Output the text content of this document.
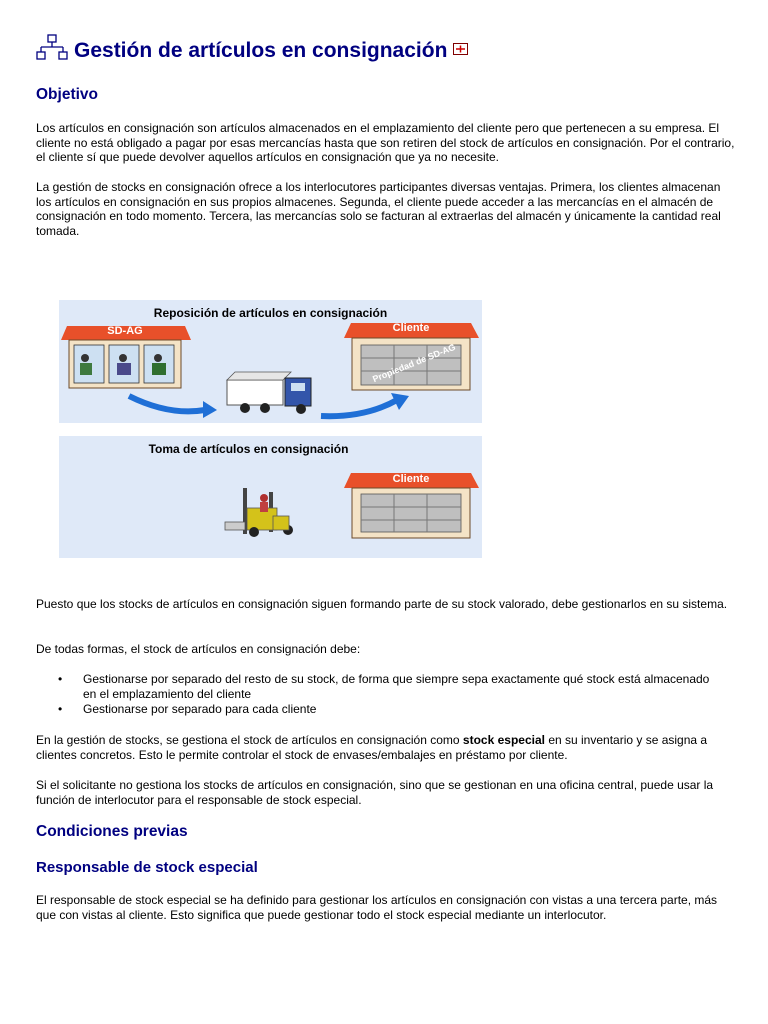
Gestión de artículos en consignación
Objetivo

Los artículos en consignación son artículos almacenados en el emplazamiento del cliente pero que pertenecen a su empresa. El cliente no está obligado a pagar por esas mercancías hasta que son retiren del stock de artículos en consignación. Por el contrario, el cliente sí que puede devolver aquellos artículos en consignación que ya no necesite.

La gestión de stocks en consignación ofrece a los interlocutores participantes diversas ventajas. Primera, los clientes almacenan los artículos en consignación en sus propios almacenes. Segunda, el cliente puede acceder a las mercancías en el almacén de consignación en todo momento. Tercera, las mercancías solo se facturan al extraerlas del almacén y únicamente la cantidad real tomada.

Reposición de artículos en consignación
SD-AG	Cliente
Propiedad de SD-AG
Toma de artículos en consignación
Cliente

Puesto que los stocks de artículos en consignación siguen formando parte de su stock valorado, debe gestionarlos en su sistema.

De todas formas, el stock de artículos en consignación debe:

• Gestionarse por separado del resto de su stock, de forma que siempre sepa exactamente qué stock está almacenado en el emplazamiento del cliente
• Gestionarse por separado para cada cliente

En la gestión de stocks, se gestiona el stock de artículos en consignación como stock especial en su inventario y se asigna a clientes concretos. Esto le permite controlar el stock de envases/embalajes en préstamo por cliente.

Si el solicitante no gestiona los stocks de artículos en consignación, sino que se gestionan en una oficina central, puede usar la función de interlocutor para el responsable de stock especial.

Condiciones previas
Responsable de stock especial

El responsable de stock especial se ha definido para gestionar los artículos en consignación con vistas a una tercera parte, más que con vistas al cliente. Esto significa que puede gestionar todo el stock especial mediante un interlocutor.
